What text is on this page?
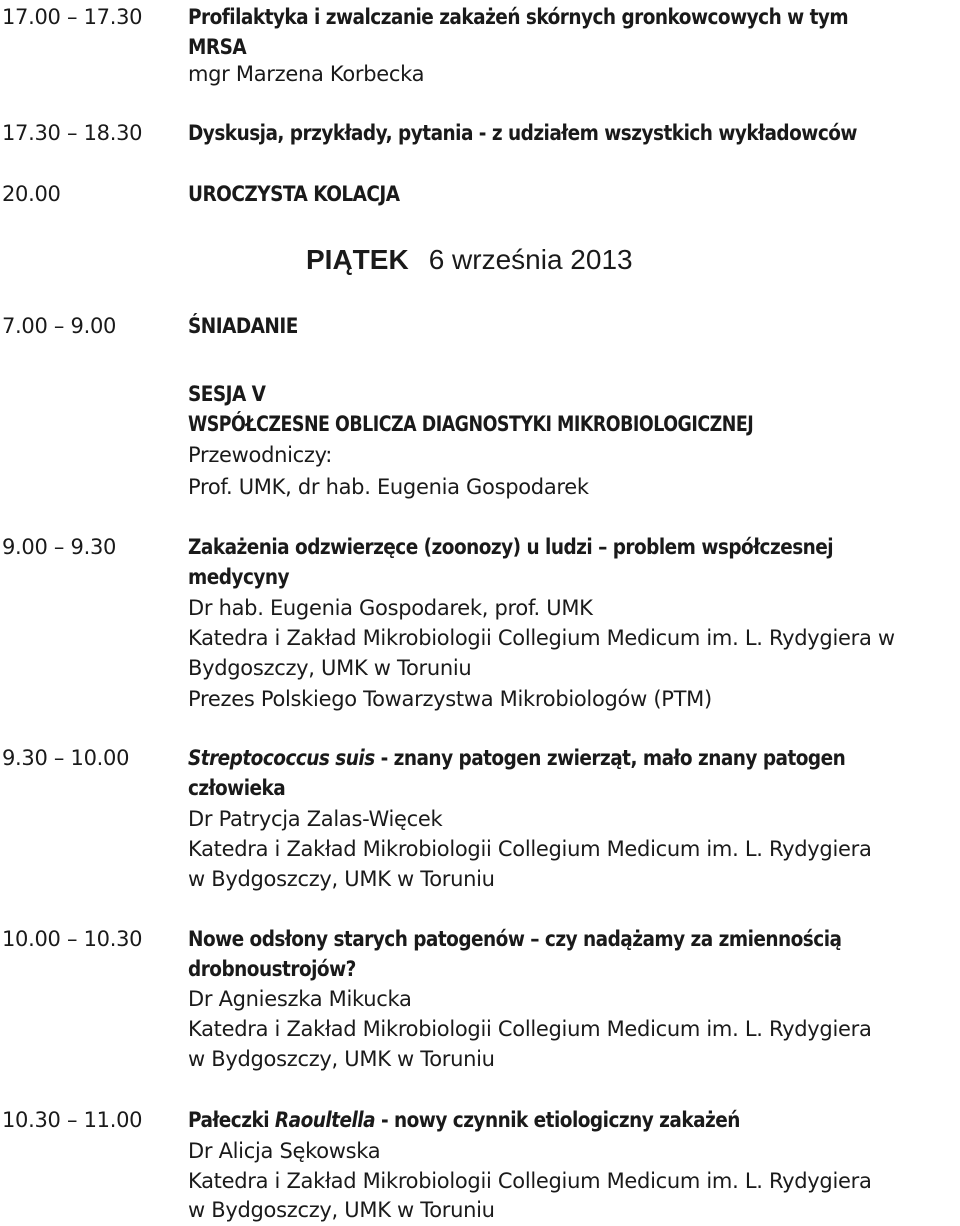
17.00 – 17.30 Profilaktyka i zwalczanie zakażeń skórnych gronkowcowych w tym
MRSA
mgr Marzena Korbecka
17.30 – 18.30 Dyskusja, przykłady, pytania - z udziałem wszystkich wykładowców
20.00	UROCZYSTA KOLACJA
PIĄTEK 6 września 2013
7.00 – 9.00	ŚNIADANIE
SESJA V
WSPÓŁCZESNE OBLICZA DIAGNOSTYKI MIKROBIOLOGICZNEJ
Przewodniczy:
Prof. UMK, dr hab. Eugenia Gospodarek
9.00 – 9.30	Zakażenia odzwierzęce (zoonozy) u ludzi – problem współczesnej
medycyny
Dr hab. Eugenia Gospodarek, prof. UMK
Katedra i Zakład Mikrobiologii Collegium Medicum im. L. Rydygiera w
Bydgoszczy, UMK w Toruniu
Prezes Polskiego Towarzystwa Mikrobiologów (PTM)
9.30 – 10.00	Streptococcus suis - znany patogen zwierząt, mało znany patogen
człowieka
Dr Patrycja Zalas-Więcek
Katedra i Zakład Mikrobiologii Collegium Medicum im. L. Rydygiera
w Bydgoszczy, UMK w Toruniu
10.00 – 10.30 Nowe odsłony starych patogenów – czy nadążamy za zmiennością
drobnoustrojów?
Dr Agnieszka Mikucka
Katedra i Zakład Mikrobiologii Collegium Medicum im. L. Rydygiera
w Bydgoszczy, UMK w Toruniu
10.30 – 11.00 Pałeczki Raoultella - nowy czynnik etiologiczny zakażeń
Dr Alicja Sękowska
Katedra i Zakład Mikrobiologii Collegium Medicum im. L. Rydygiera
w Bydgoszczy, UMK w Toruniu
